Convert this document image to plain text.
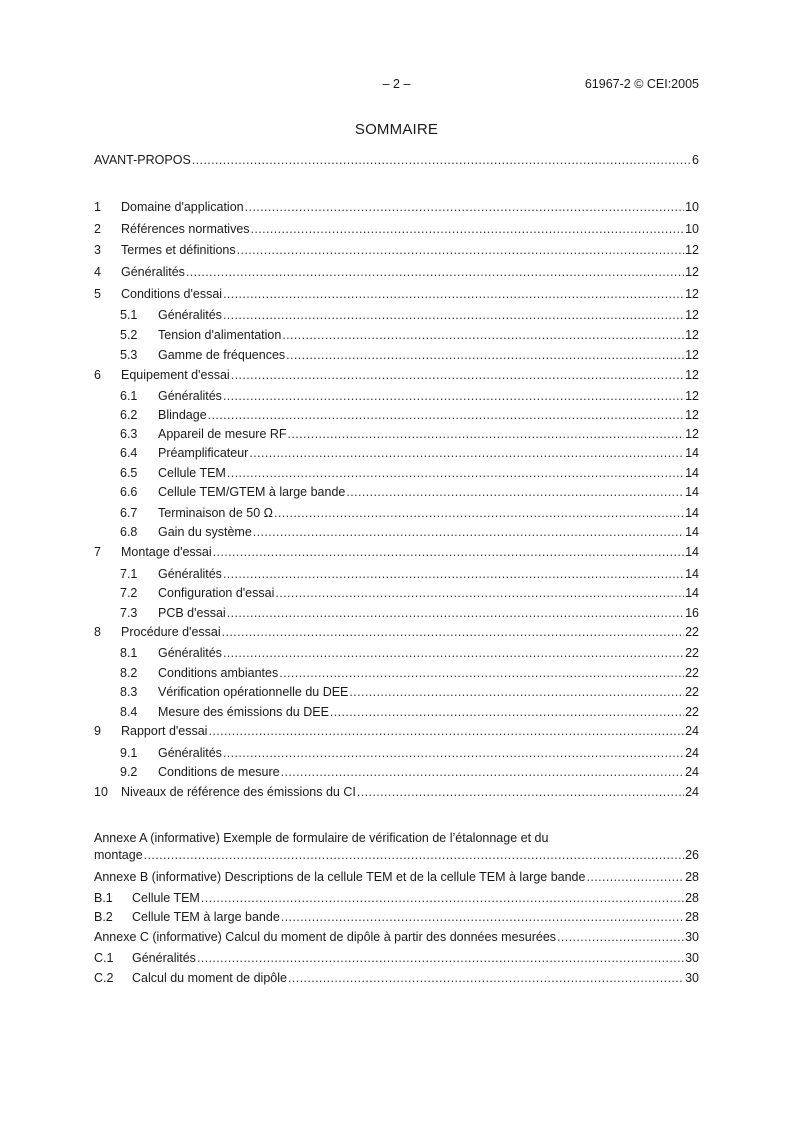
– 2 –	61967-2 © CEI:2005
SOMMAIRE
AVANT-PROPOS .....	6
1	Domaine d'application .....	10
2	Références normatives .....	10
3	Termes et définitions .....	12
4	Généralités .....	12
5	Conditions d'essai .....	12
5.1	Généralités .....	12
5.2	Tension d'alimentation .....	12
5.3	Gamme de fréquences .....	12
6	Equipement d'essai .....	12
6.1	Généralités .....	12
6.2	Blindage .....	12
6.3	Appareil de mesure RF .....	12
6.4	Préamplificateur .....	14
6.5	Cellule TEM .....	14
6.6	Cellule TEM/GTEM à large bande .....	14
6.7	Terminaison de 50 Ω .....	14
6.8	Gain du système .....	14
7	Montage d'essai .....	14
7.1	Généralités .....	14
7.2	Configuration d'essai .....	14
7.3	PCB d'essai .....	16
8	Procédure d'essai .....	22
8.1	Généralités .....	22
8.2	Conditions ambiantes .....	22
8.3	Vérification opérationnelle du DEE .....	22
8.4	Mesure des émissions du DEE .....	22
9	Rapport d'essai .....	24
9.1	Généralités .....	24
9.2	Conditions de mesure .....	24
10	Niveaux de référence des émissions du CI .....	24
Annexe A (informative) Exemple de formulaire de vérification de l’étalonnage et du
montage .....	26
Annexe B (informative) Descriptions de la cellule TEM et de la cellule TEM à large bande .....	28
B.1	Cellule TEM .....	28
B.2	Cellule TEM à large bande .....	28
Annexe C (informative) Calcul du moment de dipôle à partir des données mesurées .....	30
C.1	Généralités .....	30
C.2	Calcul du moment de dipôle .....	30
